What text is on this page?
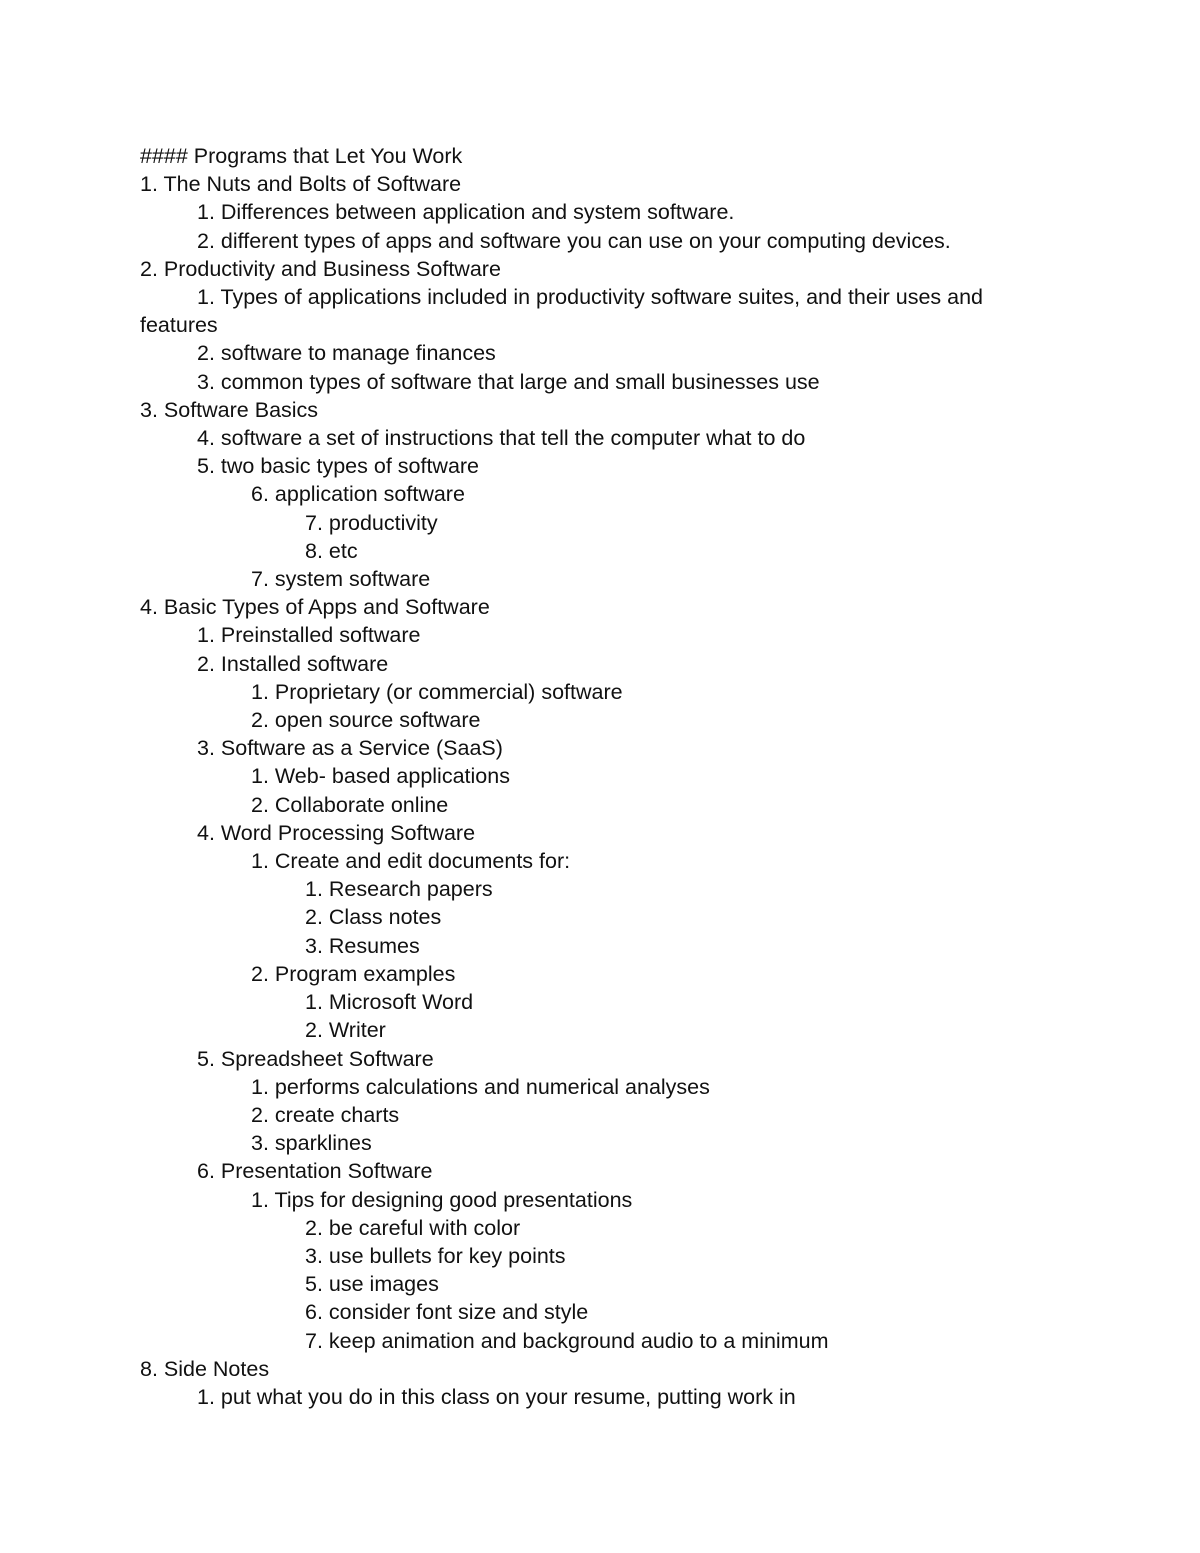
#### Programs that Let You Work

1. The Nuts and Bolts of Software

1. Differences between application and system software.

2. different types of apps and software you can use on your computing devices.

2. Productivity and Business Software

1. Types of applications included in productivity software suites, and their uses and

features

2. software to manage finances

3. common types of software that large and small businesses use

3. Software Basics

4. software a set of instructions that tell the computer what to do

5. two basic types of software

6. application software

7. productivity

8. etc

7. system software

4. Basic Types of Apps and Software

1. Preinstalled software

2. Installed software

1. Proprietary (or commercial) software

2. open source software

3. Software as a Service (SaaS)

1. Web- based applications

2. Collaborate online

4. Word Processing Software

1. Create and edit documents for:

1. Research papers

2. Class notes

3. Resumes

2. Program examples

1. Microsoft Word

2. Writer

5. Spreadsheet Software

1. performs calculations and numerical analyses

2. create charts

3. sparklines

6. Presentation Software

1. Tips for designing good presentations

2. be careful with color

3. use bullets for key points

5. use images

6. consider font size and style

7. keep animation and background audio to a minimum

8. Side Notes

1. put what you do in this class on your resume, putting work in
